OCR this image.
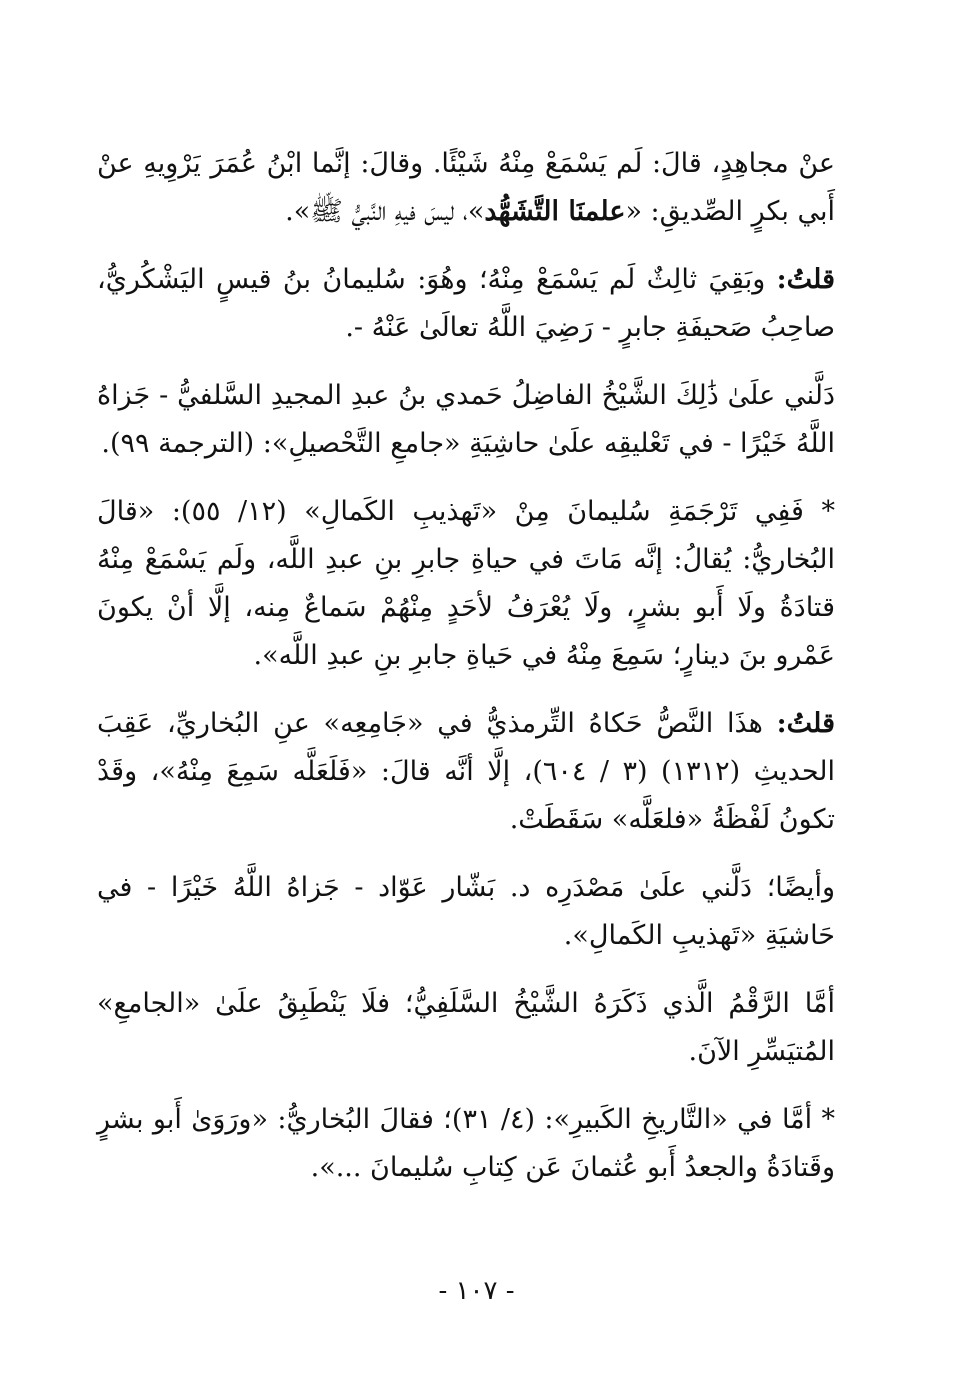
عنْ مجاهِدٍ، قالَ: لَم يَسْمَعْ مِنْهُ شَيْئًا. وقالَ: إنَّما ابْنُ عُمَرَ يَرْوِيهِ عنْ أَبي بكرٍ الصِّديقِ: «علمنَا التَّشَهُّد»، ليسَ فيهِ النَّبيُّ ﷺ».

قلتُ: وبَقِيَ ثالِثٌ لَم يَسْمَعْ مِنْهُ؛ وهُوَ: سُليمانُ بنُ قيسٍ اليَشْكُريُّ، صاحِبُ صَحيفَةِ جابرٍ - رَضِيَ اللَّهُ تعالَىٰ عَنْهُ -.

دَلَّني علَىٰ ذَٰلِكَ الشَّيْخُ الفاضِلُ حَمدي بنُ عبدِ المجيدِ السَّلفيُّ - جَزاهُ اللَّهُ خَيْرًا - في تَعْليقِه علَىٰ حاشِيَةِ «جامعِ التَّحْصيلِ»: (الترجمة ٩٩).

* فَفِي تَرْجَمَةِ سُليمانَ مِنْ «تَهذيبِ الكَمالِ» (١٢/ ٥٥): «قالَ البُخاريُّ: يُقالُ: إنَّه مَاتَ في حياةِ جابرِ بنِ عبدِ اللَّه، ولَم يَسْمَعْ مِنْهُ قتادَةُ ولَا أَبو بشرٍ، ولَا يُعْرَفُ لأحَدٍ مِنْهُمْ سَماعٌ مِنه، إلَّا أنْ يكونَ عَمْرو بنَ دينارٍ؛ سَمِعَ مِنْهُ في حَياةِ جابرِ بنِ عبدِ اللَّه».

قلتُ: هذَا النَّصُّ حَكاهُ التِّرمذيُّ في «جَامِعِه» عنِ البُخاريِّ، عَقِبَ الحديثِ (١٣١٢) (٣ / ٦٠٤)، إلَّا أنَّه قالَ: «فَلَعَلَّه سَمِعَ مِنْهُ»، وقَدْ تكونُ لَفْظَةُ «فلعَلَّه» سَقَطَتْ.

وأيضًا؛ دَلَّني علَىٰ مَصْدَرِه د. بَشّار عَوّاد - جَزاهُ اللَّهُ خَيْرًا - في حَاشيَةِ «تَهذيبِ الكَمالِ».

أمَّا الرَّقْمُ الَّذي ذَكَرَهُ الشَّيْخُ السَّلَفِيُّ؛ فلَا يَنْطَبِقُ علَىٰ «الجامعِ» المُتيَسِّرِ الآنَ.

* أمَّا في «التَّاريخِ الكَبيرِ»: (٤/ ٣١)؛ فقالَ البُخاريُّ: «ورَوَىٰ أَبو بشرٍ وقَتادَةُ والجعدُ أَبو عُثمانَ عَن كِتابِ سُليمانَ ...».

- ١٠٧ -
